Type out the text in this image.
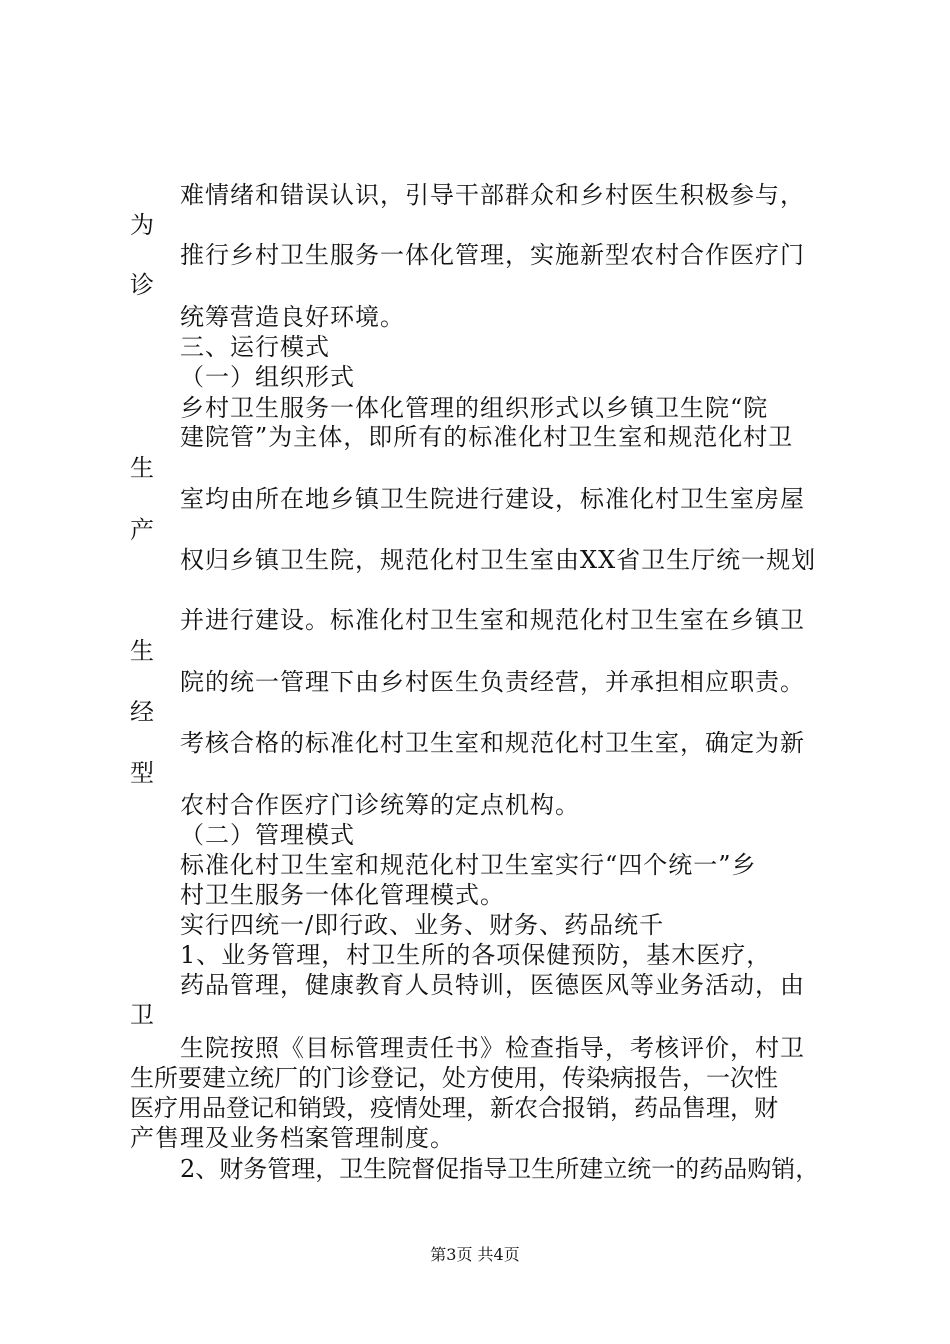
难情绪和错误认识，引导干部群众和乡村医生积极参与，
为
推行乡村卫生服务一体化管理，实施新型农村合作医疗门
诊
统筹营造良好环境。
三、运行模式
（一）组织形式
乡村卫生服务一体化管理的组织形式以乡镇卫生院“院
建院管”为主体，即所有的标准化村卫生室和规范化村卫
生
室均由所在地乡镇卫生院进行建设，标准化村卫生室房屋
产
权归乡镇卫生院，规范化村卫生室由XX省卫生厅统一规划
并进行建设。标准化村卫生室和规范化村卫生室在乡镇卫
生
院的统一管理下由乡村医生负责经营，并承担相应职责。
经
考核合格的标准化村卫生室和规范化村卫生室，确定为新
型
农村合作医疗门诊统筹的定点机构。
（二）管理模式
标准化村卫生室和规范化村卫生室实行“四个统一”乡
村卫生服务一体化管理模式。
实行四统一/即行政、业务、财务、药品统千
1、业务管理，村卫生所的各项保健预防，基木医疗，
药品管理，健康教育人员特训，医德医风等业务活动，由
卫
生院按照《目标管理责任书》检查指导，考核评价，村卫
生所要建立统厂的门诊登记，处方使用，传染病报告，一次性
医疗用品登记和销毁，疫情处理，新农合报销，药品售理，财
产售理及业务档案管理制度。
2、财务管理，卫生院督促指导卫生所建立统一的药品购销，
第3页 共4页
